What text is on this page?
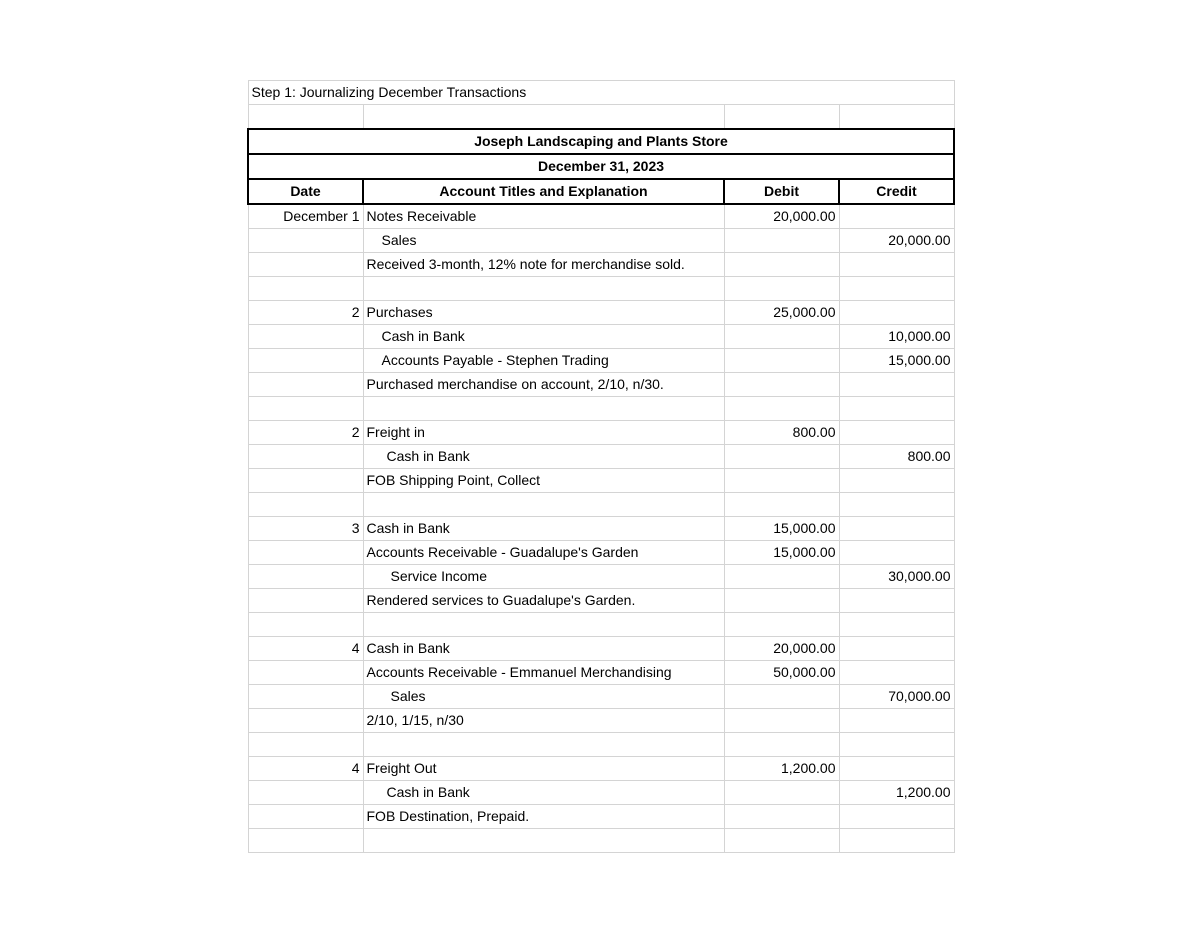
Step 1: Journalizing December Transactions			

Joseph Landscaping and Plants Store			
December 31, 2023			
Date	Account Titles and Explanation	Debit	Credit
December 1	Notes Receivable	20,000.00	
	Sales		20,000.00
	Received 3-month, 12% note for merchandise sold.		

2	Purchases	25,000.00	
	Cash in Bank		10,000.00
	Accounts Payable - Stephen Trading		15,000.00
	Purchased merchandise on account, 2/10, n/30.		

2	Freight in	800.00	
	Cash in Bank		800.00
	FOB Shipping Point, Collect		

3	Cash in Bank	15,000.00	
	Accounts Receivable - Guadalupe's Garden	15,000.00	
	Service Income		30,000.00
	Rendered services to Guadalupe's Garden.		

4	Cash in Bank	20,000.00	
	Accounts Receivable - Emmanuel Merchandising	50,000.00	
	Sales		70,000.00
	2/10, 1/15, n/30		

4	Freight Out	1,200.00	
	Cash in Bank		1,200.00
	FOB Destination, Prepaid.		
